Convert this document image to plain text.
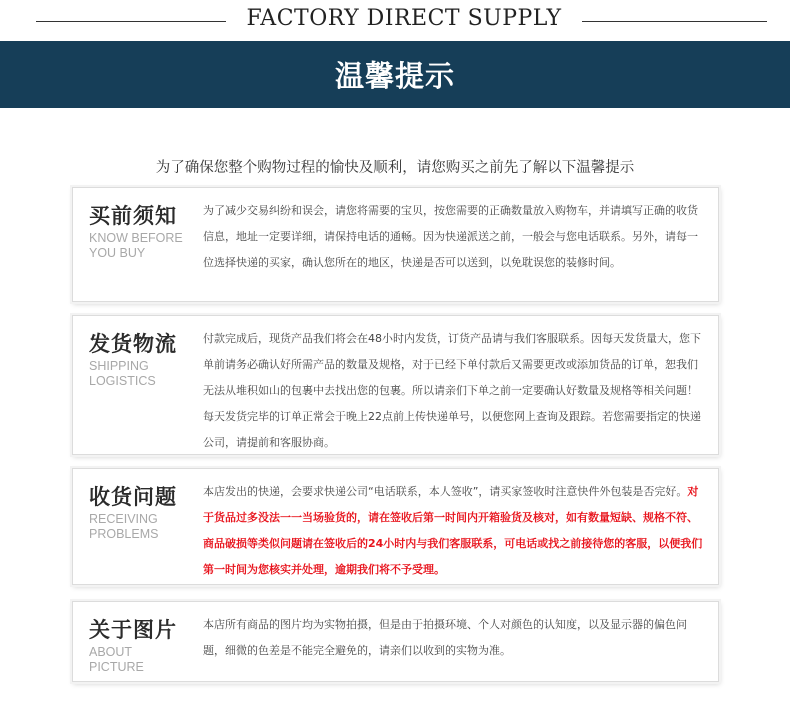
FACTORY DIRECT SUPPLY
温馨提示
为了确保您整个购物过程的愉快及顺利，请您购买之前先了解以下温馨提示
买前须知
KNOW BEFORE
YOU BUY
为了减少交易纠纷和误会，请您将需要的宝贝，按您需要的正确数量放入购物车，并请填写正确的收货信息，地址一定要详细，请保持电话的通畅。因为快递派送之前，一般会与您电话联系。另外，请每一位选择快递的买家，确认您所在的地区，快递是否可以送到，以免耽误您的装修时间。
发货物流
SHIPPING
LOGISTICS
付款完成后，现货产品我们将会在48小时内发货，订货产品请与我们客服联系。因每天发货量大，您下单前请务必确认好所需产品的数量及规格，对于已经下单付款后又需要更改或添加货品的订单，恕我们无法从堆积如山的包裹中去找出您的包裹。所以请亲们下单之前一定要确认好数量及规格等相关问题！每天发货完毕的订单正常会于晚上22点前上传快递单号，以便您网上查询及跟踪。若您需要指定的快递公司，请提前和客服协商。
收货问题
RECEIVING
PROBLEMS
本店发出的快递，会要求快递公司“电话联系，本人签收”，请买家签收时注意快件外包装是否完好。对于货品过多没法一一当场验货的，请在签收后第一时间内开箱验货及核对，如有数量短缺、规格不符、商品破损等类似问题请在签收后的24小时内与我们客服联系，可电话或找之前接待您的客服，以便我们第一时间为您核实并处理，逾期我们将不予受理。
关于图片
ABOUT
PICTURE
本店所有商品的图片均为实物拍摄，但是由于拍摄环境、个人对颜色的认知度，以及显示器的偏色问题，细微的色差是不能完全避免的，请亲们以收到的实物为准。
